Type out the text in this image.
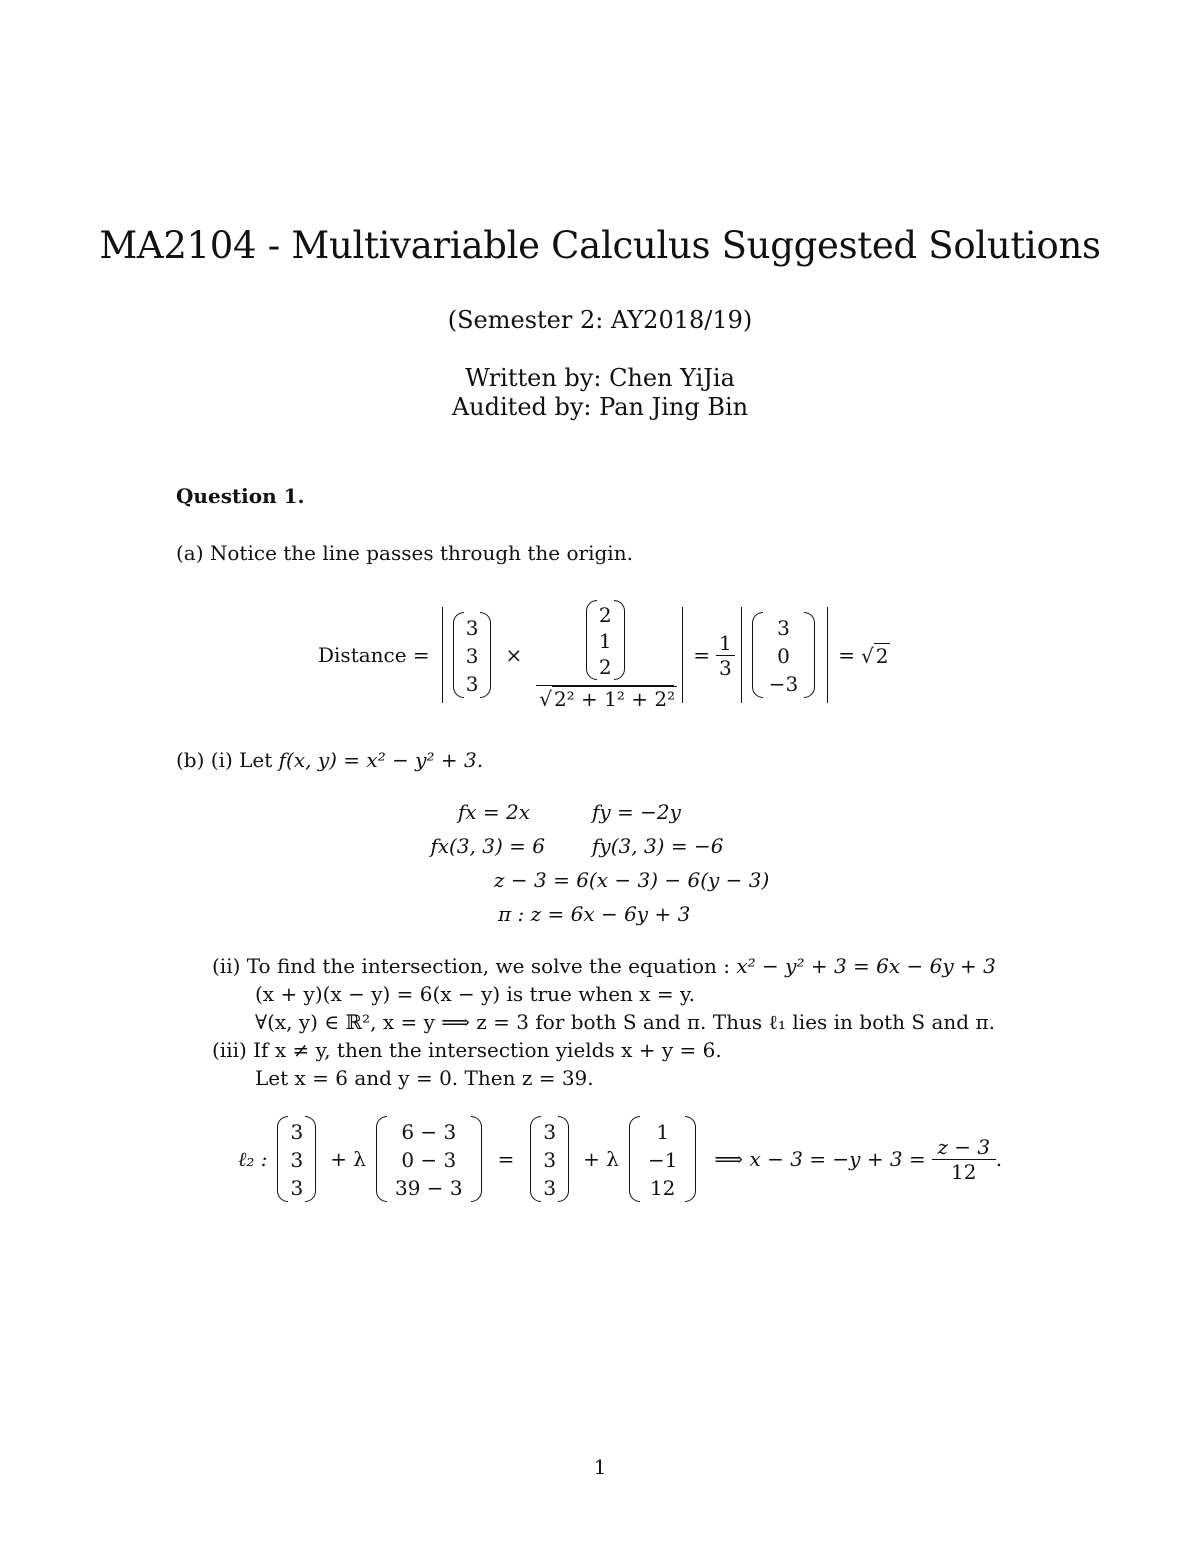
MA2104 - Multivariable Calculus Suggested Solutions
(Semester 2: AY2018/19)
Written by: Chen YiJia
Audited by: Pan Jing Bin
Question 1.
(a) Notice the line passes through the origin.
Distance =
3
3
3
× 2
1
2
√ $2^2 + 1^2 + 2^2 = \frac{1}{3}$
3
0
−3
= √ 2
(b) (i) Let f(x, y) = x² − y² + 3.
fx = 2x	fy = −2y
fx(3, 3) = 6 fy(3, 3) = −6
z − 3 = 6(x − 3) − 6(y − 3)
π : z = 6x − 6y + 3
(ii) To find the intersection, we solve the equation : x² − y² + 3 = 6x − 6y + 3
(x + y)(x − y) = 6(x − y) is true when x = y.
∀(x, y) ∈ ℝ², x = y ⟹ z = 3 for both S and π. Thus ℓ₁ lies in both S and π.
(iii) If x ≠ y, then the intersection yields x + y = 6.
Let x = 6 and y = 0. Then z = 39.
ℓ₂ :
3
3
3
+ λ
6 − 3
0 − 3
39 − 3
=
3
3
3
+ λ
1
−1
12
⟹ $x - 3 = -y + 3 = \frac{z - 3}{12}$ .
1
